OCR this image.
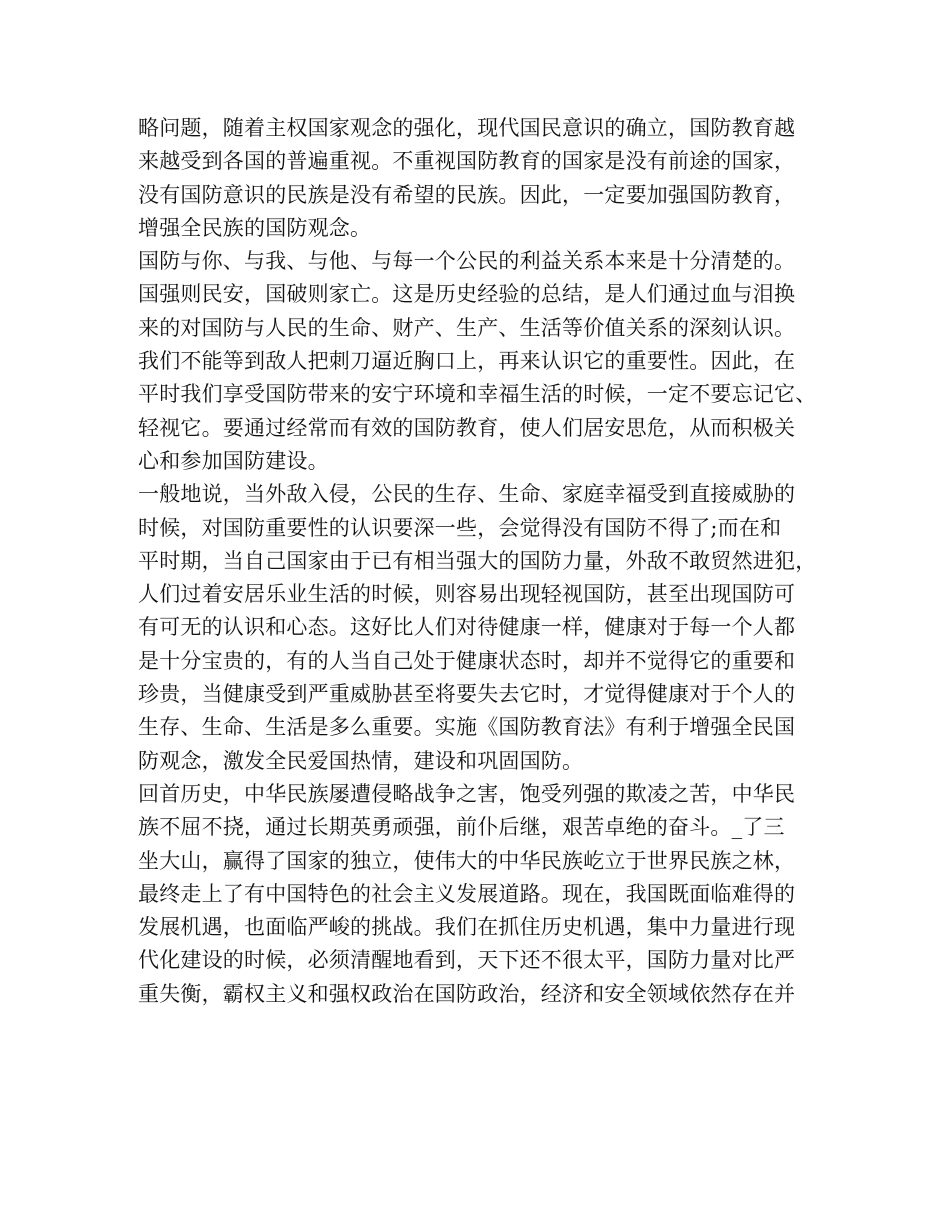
略问题，随着主权国家观念的强化，现代国民意识的确立，国防教育越
来越受到各国的普遍重视。不重视国防教育的国家是没有前途的国家，
没有国防意识的民族是没有希望的民族。因此，一定要加强国防教育，
增强全民族的国防观念。
国防与你、与我、与他、与每一个公民的利益关系本来是十分清楚的。
国强则民安，国破则家亡。这是历史经验的总结，是人们通过血与泪换
来的对国防与人民的生命、财产、生产、生活等价值关系的深刻认识。
我们不能等到敌人把刺刀逼近胸口上，再来认识它的重要性。因此，在
平时我们享受国防带来的安宁环境和幸福生活的时候，一定不要忘记它、
轻视它。要通过经常而有效的国防教育，使人们居安思危，从而积极关
心和参加国防建设。
一般地说，当外敌入侵，公民的生存、生命、家庭幸福受到直接威胁的
时候，对国防重要性的认识要深一些，会觉得没有国防不得了;而在和
平时期，当自己国家由于已有相当强大的国防力量，外敌不敢贸然进犯，
人们过着安居乐业生活的时候，则容易出现轻视国防，甚至出现国防可
有可无的认识和心态。这好比人们对待健康一样，健康对于每一个人都
是十分宝贵的，有的人当自己处于健康状态时，却并不觉得它的重要和
珍贵，当健康受到严重威胁甚至将要失去它时，才觉得健康对于个人的
生存、生命、生活是多么重要。实施《国防教育法》有利于增强全民国
防观念，激发全民爱国热情，建设和巩固国防。
回首历史，中华民族屡遭侵略战争之害，饱受列强的欺凌之苦，中华民
族不屈不挠，通过长期英勇顽强，前仆后继，艰苦卓绝的奋斗。_了三
坐大山，赢得了国家的独立，使伟大的中华民族屹立于世界民族之林，
最终走上了有中国特色的社会主义发展道路。现在，我国既面临难得的
发展机遇，也面临严峻的挑战。我们在抓住历史机遇，集中力量进行现
代化建设的时候，必须清醒地看到，天下还不很太平，国防力量对比严
重失衡，霸权主义和强权政治在国防政治，经济和安全领域依然存在并
